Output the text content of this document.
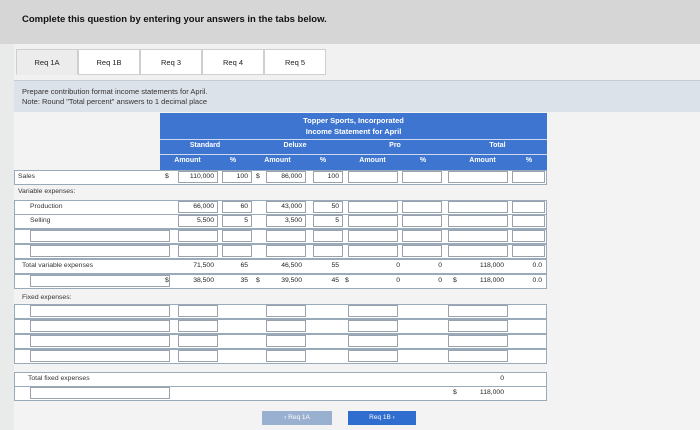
Complete this question by entering your answers in the tabs below.
Req 1A	Req 1B	Req 3	Req 4	Req 5
Prepare contribution format income statements for April.
Note: Round "Total percent" answers to 1 decimal place
Topper Sports, Incorporated
Income Statement for April
Standard	Deluxe	Pro	Total
Amount	%	Amount	%	Amount	%	Amount	%
Sales	$	110,000	100	$	86,000	100
Variable expenses:
Production	66,000	60	43,000	50
Selling	5,500	5	3,500	5
Total variable expenses	71,500	65	46,500	55	0	0	118,000	0.0
$	38,500	35 $	39,500	45 $	0	0 $	118,000	0.0
Fixed expenses:
Total fixed expenses	0
$	118,000
‹ Req 1A	Req 1B ›
